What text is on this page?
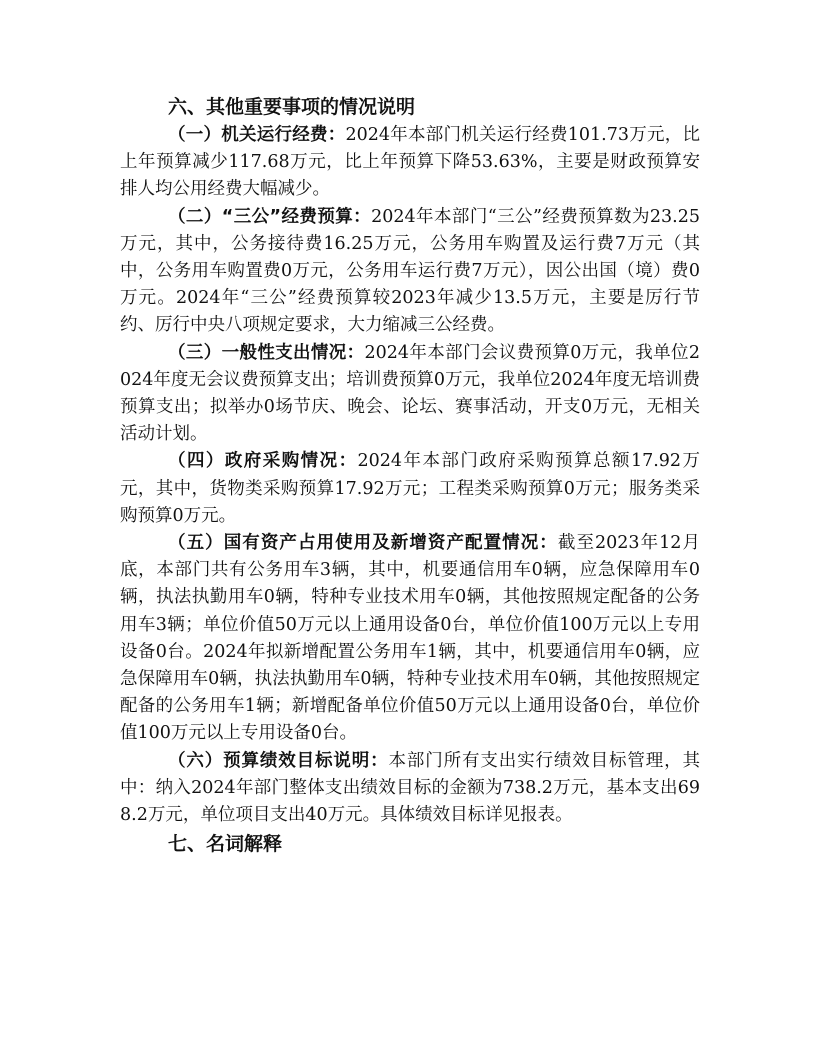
六、其他重要事项的情况说明

（一）机关运行经费：2024年本部门机关运行经费101.73万元，比上年预算减少117.68万元，比上年预算下降53.63%，主要是财政预算安排人均公用经费大幅减少。

（二）“三公”经费预算：2024年本部门“三公”经费预算数为23.25万元，其中，公务接待费16.25万元，公务用车购置及运行费7万元（其中，公务用车购置费0万元，公务用车运行费7万元），因公出国（境）费0万元。2024年“三公”经费预算较2023年减少13.5万元，主要是厉行节约、厉行中央八项规定要求，大力缩减三公经费。

（三）一般性支出情况：2024年本部门会议费预算0万元，我单位2024年度无会议费预算支出；培训费预算0万元，我单位2024年度无培训费预算支出；拟举办0场节庆、晚会、论坛、赛事活动，开支0万元，无相关活动计划。

（四）政府采购情况：2024年本部门政府采购预算总额17.92万元，其中，货物类采购预算17.92万元；工程类采购预算0万元；服务类采购预算0万元。

（五）国有资产占用使用及新增资产配置情况：截至2023年12月底，本部门共有公务用车3辆，其中，机要通信用车0辆，应急保障用车0辆，执法执勤用车0辆，特种专业技术用车0辆，其他按照规定配备的公务用车3辆；单位价值50万元以上通用设备0台，单位价值100万元以上专用设备0台。2024年拟新增配置公务用车1辆，其中，机要通信用车0辆，应急保障用车0辆，执法执勤用车0辆，特种专业技术用车0辆，其他按照规定配备的公务用车1辆；新增配备单位价值50万元以上通用设备0台，单位价值100万元以上专用设备0台。

（六）预算绩效目标说明：本部门所有支出实行绩效目标管理，其中：纳入2024年部门整体支出绩效目标的金额为738.2万元，基本支出698.2万元，单位项目支出40万元。具体绩效目标详见报表。

七、名词解释
